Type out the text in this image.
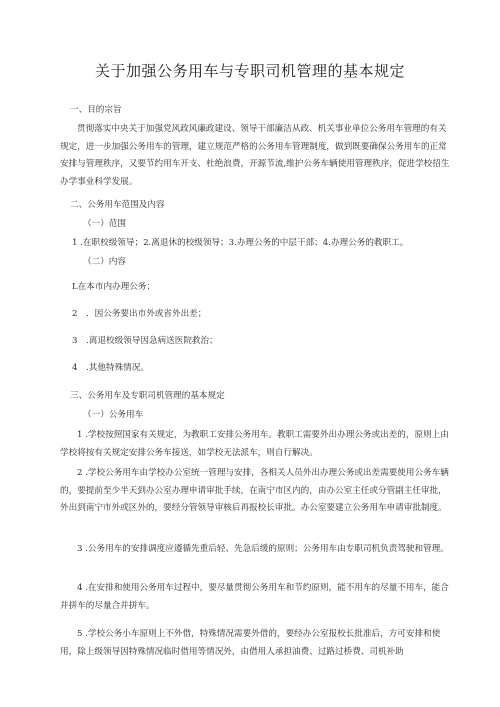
关于加强公务用车与专职司机管理的基本规定
一、目的宗旨
贯彻落实中央关于加强党风政风廉政建设、领导干部廉洁从政、机关事业单位公务用车管理的有关规定，进一步加强公务用车的管理，建立规范严格的公务用车管理制度，做到既要确保公务用车的正常安排与管理秩序，又要节约用车开支、杜绝浪费，开源节流,维护公务车辆使用管理秩序，促进学校招生办学事业科学发展。
二、公务用车范围及内容
（一）范围
1 .在职校级领导；2.离退休的校级领导；3.办理公务的中层干部；4.办理公务的教职工。
（二）内容
L在本市内办理公务；
2　．因公务要出市外或省外出差；
3　.离退校级领导因急病送医院救治；
4　.其他特殊情况。
三、公务用车及专职司机管理的基本规定
（一）公务用车
1 .学校按照国家有关规定，为教职工安排公务用车。教职工需要外出办理公务或出差的，原则上由学校将按有关规定安排公务车接送，如学校无法派车，则自行解决。
2 .学校公务用车由学校办公室统一管理与安排，各相关人员外出办理公务或出差需要使用公务车辆的，要提前至少半天到办公室办理申请审批手续，在南宁市区内的，由办公室主任或分管副主任审批，外出到南宁市外或区外的，要经分管领导审核后再报校长审批。办公室要建立公务用车申请审批制度。
3 .公务用车的安排调度应遵循先重后轻、先急后缓的原则；公务用车由专职司机负责驾驶和管理。
4 .在安排和使用公务用车过程中，要尽量贯彻公务用车和节约原则，能不用车的尽量不用车，能合并拼车的尽量合并拼车。
5 .学校公务小车原则上不外借，特殊情况需要外借的，要经办公室报校长批准后，方可安排和使用，除上级领导因特殊情况临时借用等情况外，由借用人承担油费、过路过桥费、司机补助
